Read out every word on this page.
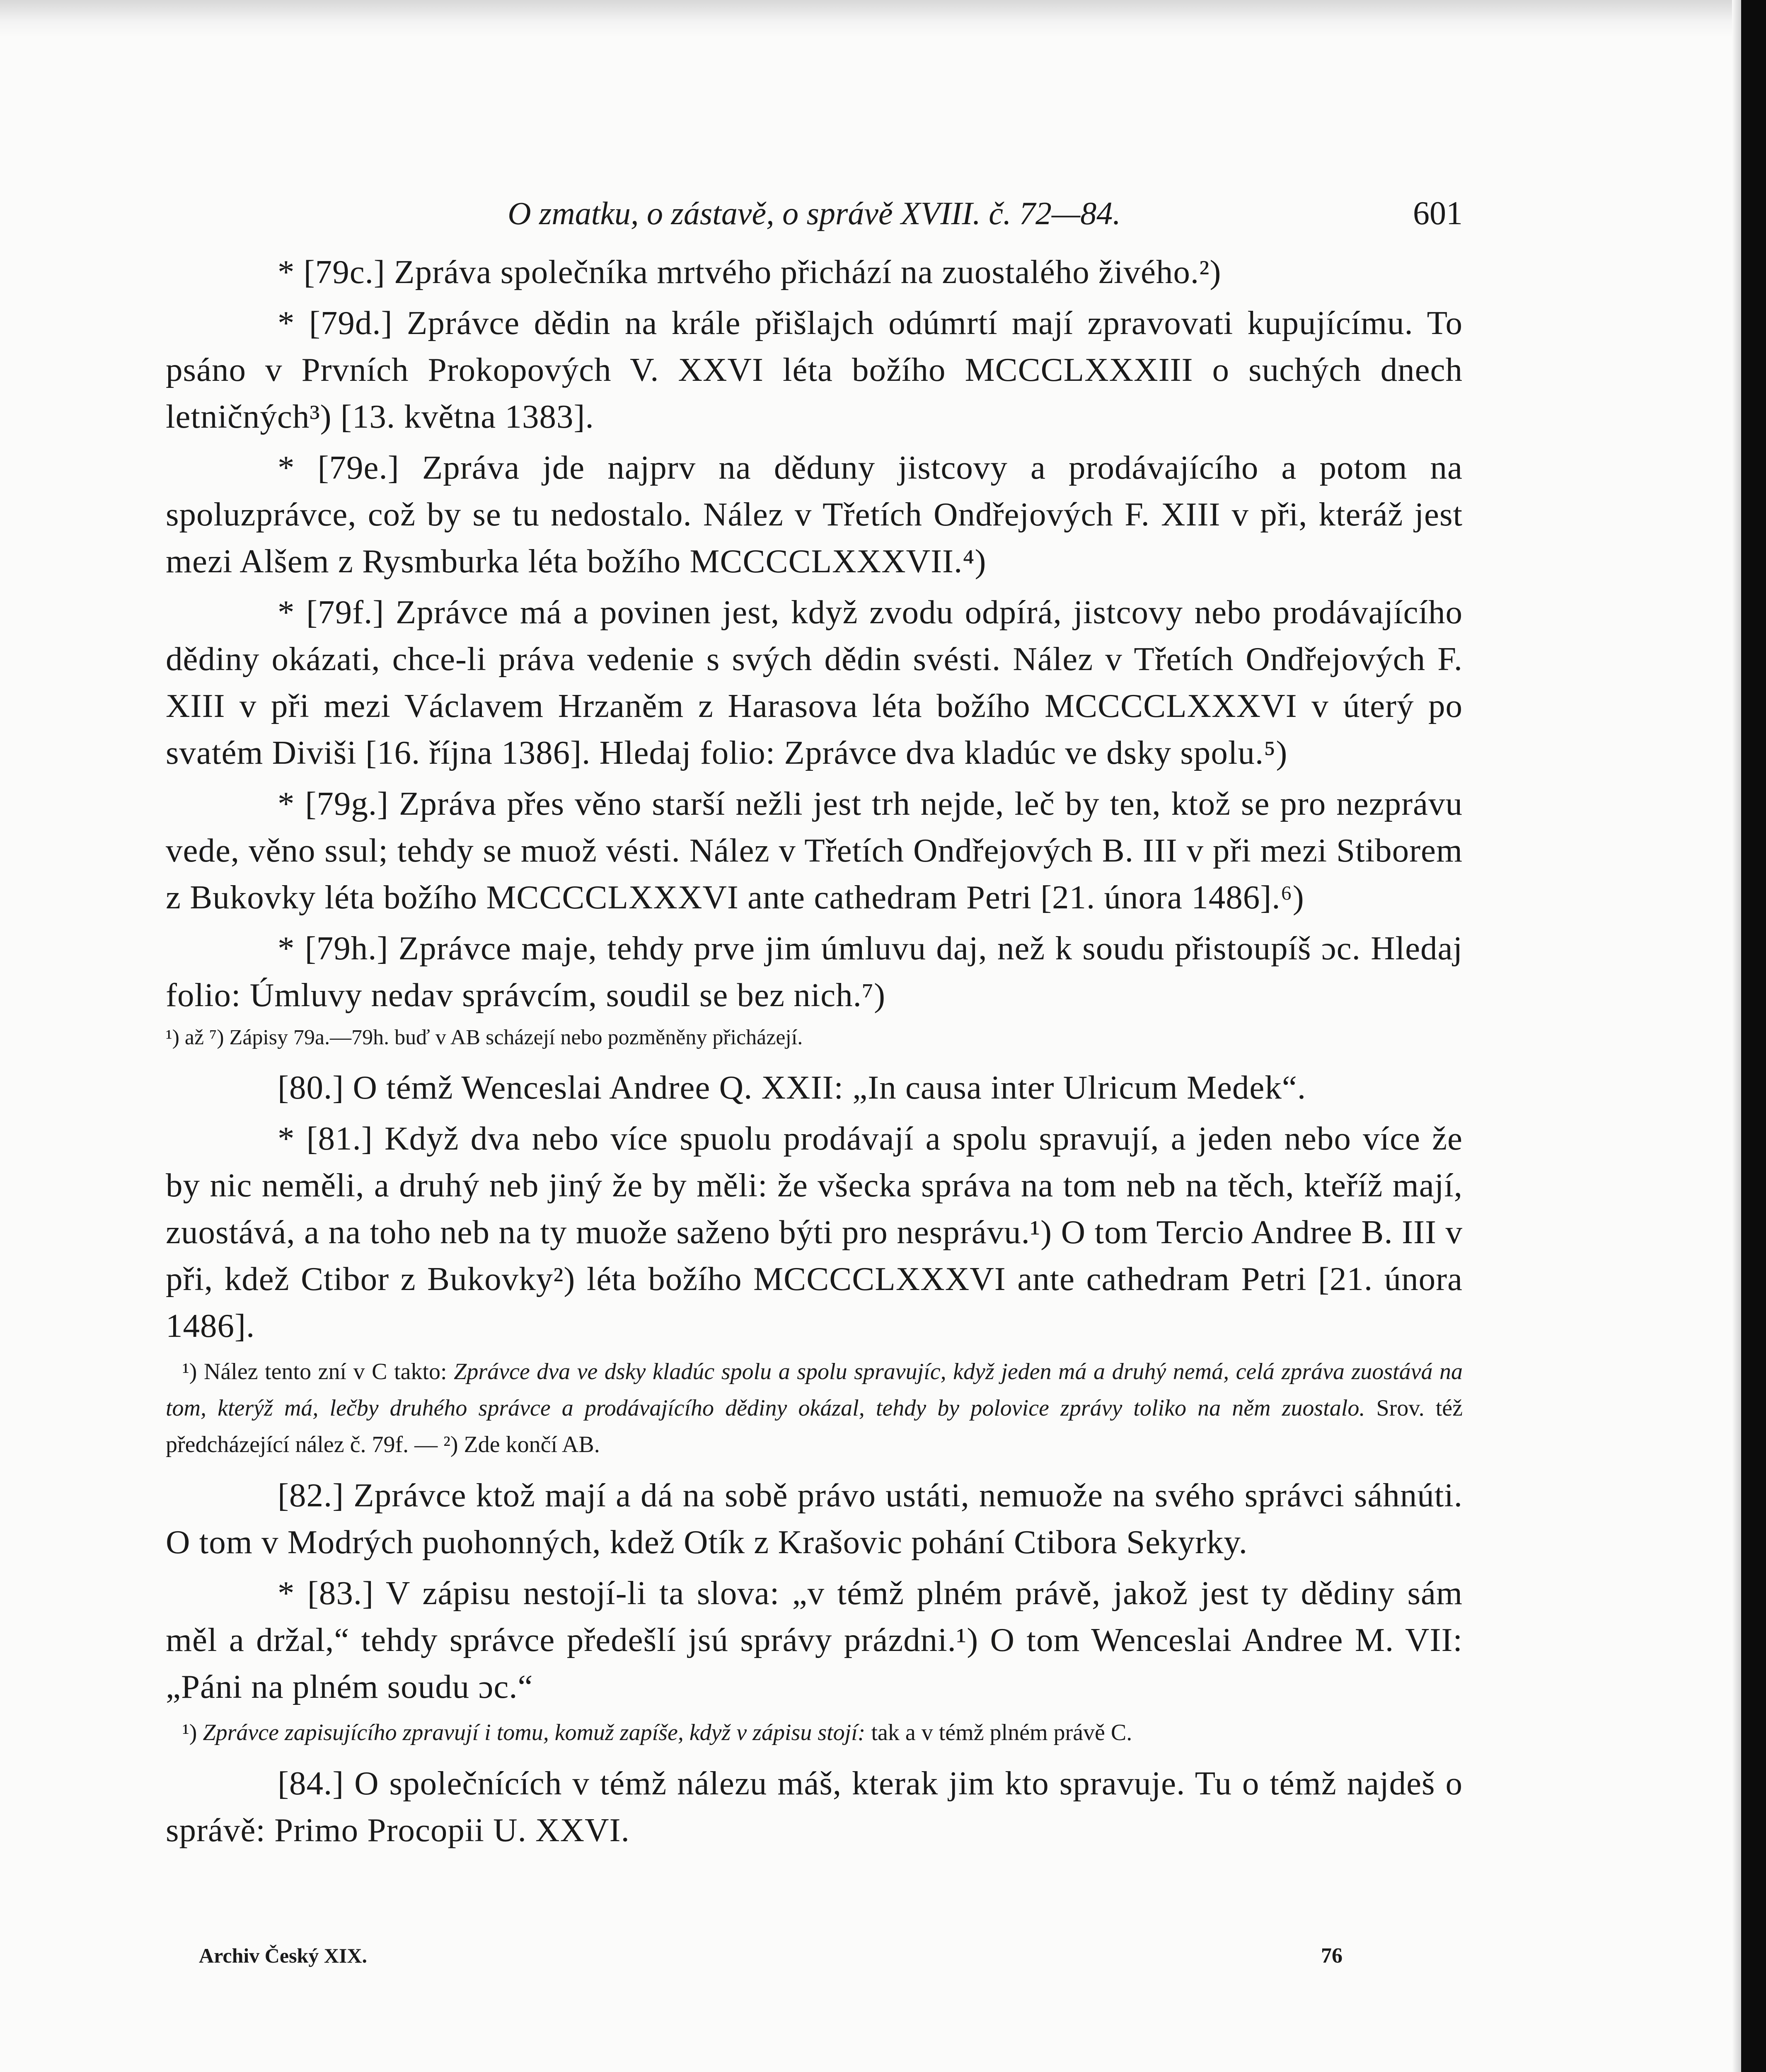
O zmatku, o zástavě, o správě XVIII. č. 72—84.	601

* [79c.] Zpráva společníka mrtvého přichází na zuostalého živého.²)

* [79d.] Zprávce dědin na krále přišlajch odúmrtí mají zpravovati kupujícímu. To psáno v Prvních Prokopových V. XXVI léta božího MCCCLXXXIII o suchých dnech letničných³) [13. května 1383].

* [79e.] Zpráva jde najprv na děduny jistcovy a prodávajícího a potom na spoluzprávce, což by se tu nedostalo. Nález v Třetích Ondřejových F. XIII v při, kteráž jest mezi Alšem z Rysmburka léta božího MCCCCLXXXVII.⁴)

* [79f.] Zprávce má a povinen jest, když zvodu odpírá, jistcovy nebo prodávajícího dědiny okázati, chce-li práva vedenie s svých dědin svésti. Nález v Třetích Ondřejových F. XIII v při mezi Václavem Hrzaněm z Harasova léta božího MCCCCLXXXVI v úterý po svatém Diviši [16. října 1386]. Hledaj folio: Zprávce dva kladúc ve dsky spolu.⁵)

* [79g.] Zpráva přes věno starší nežli jest trh nejde, leč by ten, ktož se pro nezprávu vede, věno ssul; tehdy se muož vésti. Nález v Třetích Ondřejových B. III v při mezi Stiborem z Bukovky léta božího MCCCCLXXXVI ante cathedram Petri [21. února 1486].⁶)

* [79h.] Zprávce maje, tehdy prve jim úmluvu daj, než k soudu přistoupíš ɔc. Hledaj folio: Úmluvy nedav správcím, soudil se bez nich.⁷)

¹) až ⁷) Zápisy 79a.—79h. buď v AB scházejí nebo pozměněny přicházejí.

[80.] O témž Wenceslai Andree Q. XXII: „In causa inter Ulricum Medek“.

* [81.] Když dva nebo více spuolu prodávají a spolu spravují, a jeden nebo více že by nic neměli, a druhý neb jiný že by měli: že všecka správa na tom neb na těch, kteříž mají, zuostává, a na toho neb na ty muože saženo býti pro nesprávu.¹) O tom Tercio Andree B. III v při, kdež Ctibor z Bukovky²) léta božího MCCCCLXXXVI ante cathedram Petri [21. února 1486].

¹) Nález tento zní v C takto: Zprávce dva ve dsky kladúc spolu a spolu spravujíc, když jeden má a druhý nemá, celá zpráva zuostává na tom, kterýž má, lečby druhého správce a prodávajícího dědiny okázal, tehdy by polovice zprávy toliko na něm zuostalo. Srov. též předcházející nález č. 79f. — ²) Zde končí AB.

[82.] Zprávce ktož mají a dá na sobě právo ustáti, nemuože na svého správci sáhnúti. O tom v Modrých puohonných, kdež Otík z Krašovic pohání Ctibora Sekyrky.

* [83.] V zápisu nestojí-li ta slova: „v témž plném právě, jakož jest ty dědiny sám měl a držal,“ tehdy správce předešlí jsú správy prázdni.¹) O tom Wenceslai Andree M. VII: „Páni na plném soudu ɔc.“

¹) Zprávce zapisujícího zpravují i tomu, komuž zapíše, když v zápisu stojí: tak a v témž plném právě C.

[84.] O společnících v témž nálezu máš, kterak jim kto spravuje. Tu o témž najdeš o správě: Primo Procopii U. XXVI.

Archiv Český XIX.	76
